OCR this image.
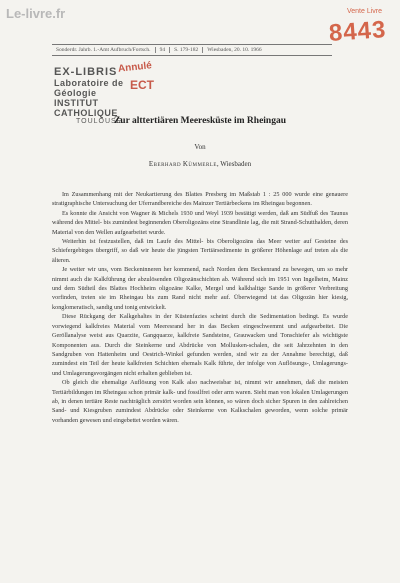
Le-livre.fr	Vente Livre
8443
Sonderdr. Jahrb. 1.-Amt Aufbruch/Fortsch.	94	S. 179-182	Wiesbaden, 20. 10. 1966
EX-LIBRIS
Laboratoire de Géologie
INSTITUT CATHOLIQUE
TOULOUSE
Annulé
ECT
Zur alttertiären Meeresküste im Rheingau
Von
Eberhard Kümmerle, Wiesbaden

Im Zusammenhang mit der Neukartierung des Blattes Presberg im Maßstab 1 : 25 000 wurde eine genauere stratigraphische Untersuchung der Uferrandbereiche des Mainzer Tertiärbeckens im Rheingau begonnen.

Es konnte die Ansicht von Wagner & Michels 1930 und Weyl 1939 bestätigt werden, daß am Südfuß des Taunus während des Mittel- bis zumindest beginnenden Oberoligozäns eine Strandlinie lag, die mit Strand-Schutthalden, deren Material von den Wellen aufgearbeitet wurde.

Weiterhin ist festzustellen, daß im Laufe des Mittel- bis Oberoligozäns das Meer weiter auf Gesteine des Schiefergebirges übergriff, so daß wir heute die jüngsten Tertiärsedimente in größerer Höhenlage auf treten als die älteren.

Je weiter wir uns, vom Beckeninneren her kommend, nach Norden dem Beckenrand zu bewegen, um so mehr nimmt auch die Kalkführung der abzulösenden Oligozänschichten ab. Während sich im 1951 von Ingelheim, Mainz und dem Südteil des Blattes Hochheim oligozäne Kalke, Mergel und kalkhaltige Sande in größerer Verbreitung vorfinden, treten sie im Rheingau bis zum Rand nicht mehr auf. Überwiegend ist das Oligozän hier kiesig, konglomeratisch, sandig und tonig entwickelt.

Diese Rückgang der Kalkgehaltes in der Küstenfazies scheint durch die Sedimentation bedingt. Es wurde vorwiegend kalkfreies Material vom Meeresrand her in das Becken eingeschwemmt und aufgearbeitet. Die Geröllanalyse weist aus Quarzite, Gangquarze, kalkfreie Sandsteine, Grauwacken und Tonschiefer als wichtigste Komponenten aus. Durch die Steinkerne und Abdrücke von Mollusken-schalen, die seit Jahrzehnten in den Sandgruben von Hattenheim und Oestrich-Winkel gefunden werden, sind wir zu der Annahme berechtigt, daß zumindest ein Teil der heute kalkfreien Schichten ehemals Kalk führte, der infolge von Auflösungs-, Umlagerungs- und Umlagerungsvorgängen nicht erhalten geblieben ist.

Ob gleich die ehemalige Auflösung von Kalk also nachweisbar ist, nimmt wir annehmen, daß die meisten Tertiärbildungen im Rheingau schon primär kalk- und fossilfrei oder arm waren. Sieht man von lokalen Umlagerungen ab, in denen tertiäre Reste nachträglich zerstört worden sein können, so wären doch sicher Spuren in den zahlreichen Sand- und Kiesgruben zumindest Abdrücke oder Steinkerne von Kalkschalen geworden, wenn solche primär vorhanden gewesen und eingebettet worden wären.
